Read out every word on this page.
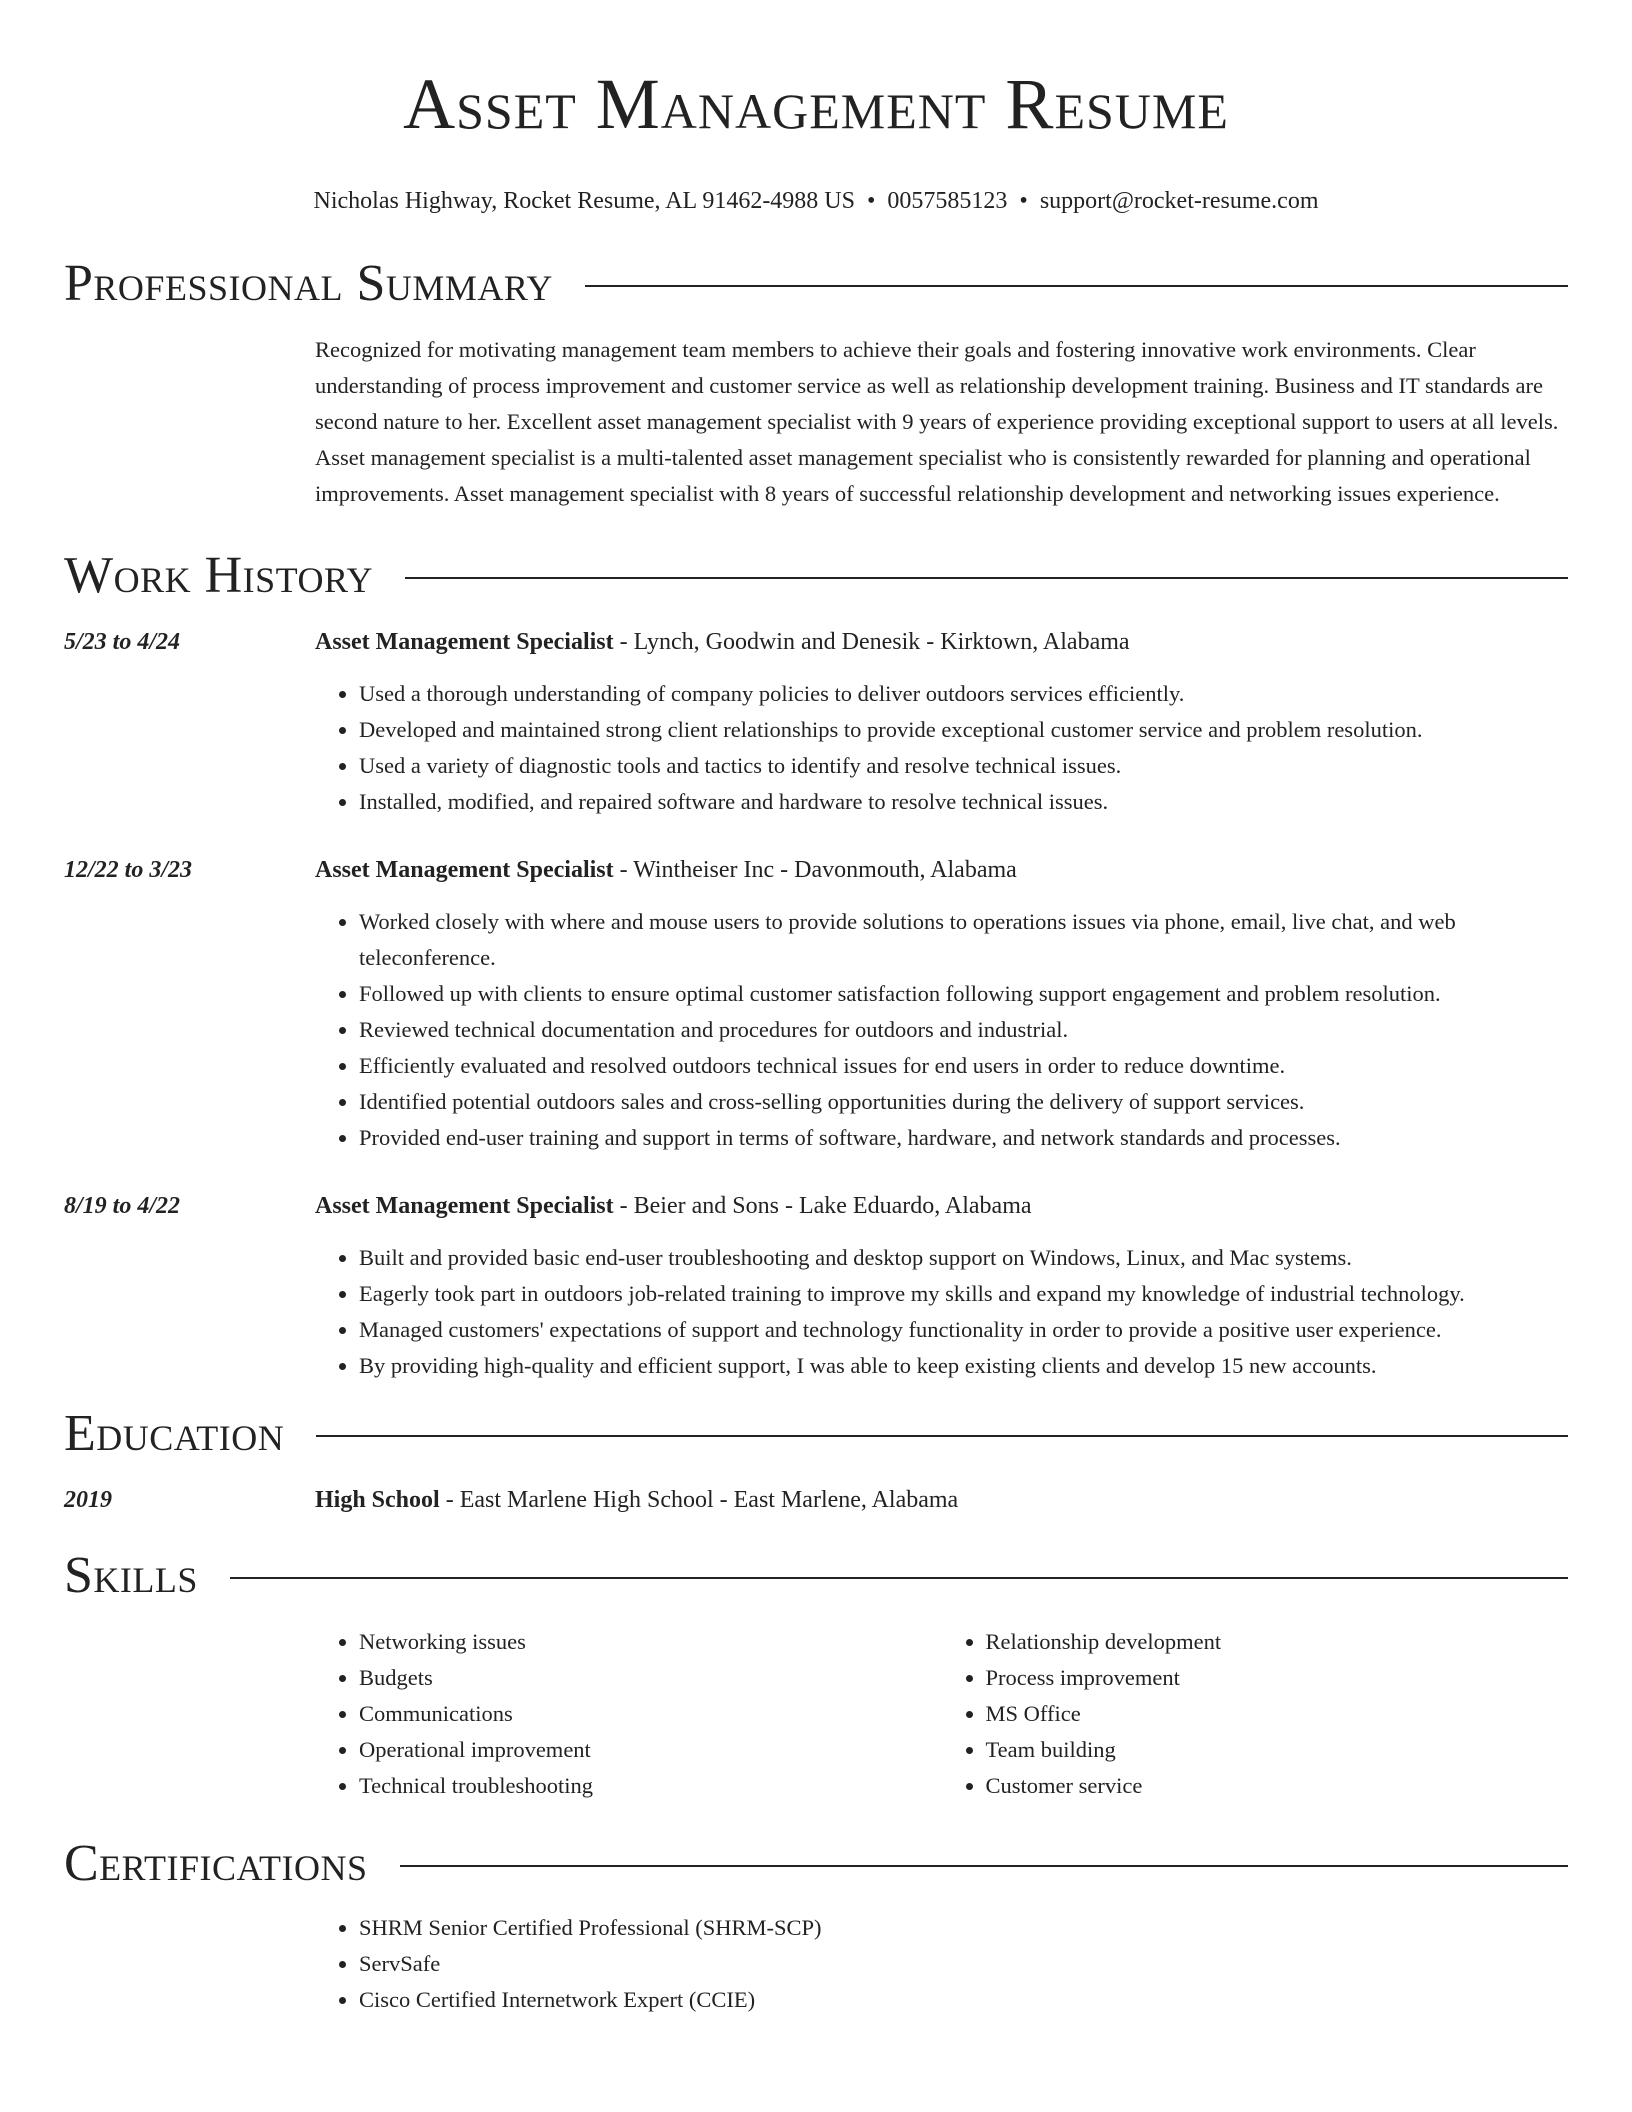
Asset Management Resume
Nicholas Highway, Rocket Resume, AL 91462-4988 US • 0057585123 • support@rocket-resume.com
Professional Summary

Recognized for motivating management team members to achieve their goals and fostering innovative work environments. Clear understanding of process improvement and customer service as well as relationship development training. Business and IT standards are second nature to her. Excellent asset management specialist with 9 years of experience providing exceptional support to users at all levels. Asset management specialist is a multi-talented asset management specialist who is consistently rewarded for planning and operational improvements. Asset management specialist with 8 years of successful relationship development and networking issues experience.

Work History
5/23 to 4/24	Asset Management Specialist - Lynch, Goodwin and Denesik - Kirktown, Alabama
• Used a thorough understanding of company policies to deliver outdoors services efficiently.
• Developed and maintained strong client relationships to provide exceptional customer service and problem resolution.
• Used a variety of diagnostic tools and tactics to identify and resolve technical issues.
• Installed, modified, and repaired software and hardware to resolve technical issues.
12/22 to 3/23	Asset Management Specialist - Wintheiser Inc - Davonmouth, Alabama
• Worked closely with where and mouse users to provide solutions to operations issues via phone, email, live chat, and web teleconference.
• Followed up with clients to ensure optimal customer satisfaction following support engagement and problem resolution.
• Reviewed technical documentation and procedures for outdoors and industrial.
• Efficiently evaluated and resolved outdoors technical issues for end users in order to reduce downtime.
• Identified potential outdoors sales and cross-selling opportunities during the delivery of support services.
• Provided end-user training and support in terms of software, hardware, and network standards and processes.
8/19 to 4/22	Asset Management Specialist - Beier and Sons - Lake Eduardo, Alabama
• Built and provided basic end-user troubleshooting and desktop support on Windows, Linux, and Mac systems.
• Eagerly took part in outdoors job-related training to improve my skills and expand my knowledge of industrial technology.
• Managed customers' expectations of support and technology functionality in order to provide a positive user experience.
• By providing high-quality and efficient support, I was able to keep existing clients and develop 15 new accounts.
Education
2019	High School - East Marlene High School - East Marlene, Alabama
Skills
• Networking issues
• Budgets
• Communications
• Operational improvement
• Technical troubleshooting
• Relationship development
• Process improvement
• MS Office
• Team building
• Customer service
Certifications
• SHRM Senior Certified Professional (SHRM-SCP)
• ServSafe
• Cisco Certified Internetwork Expert (CCIE)
